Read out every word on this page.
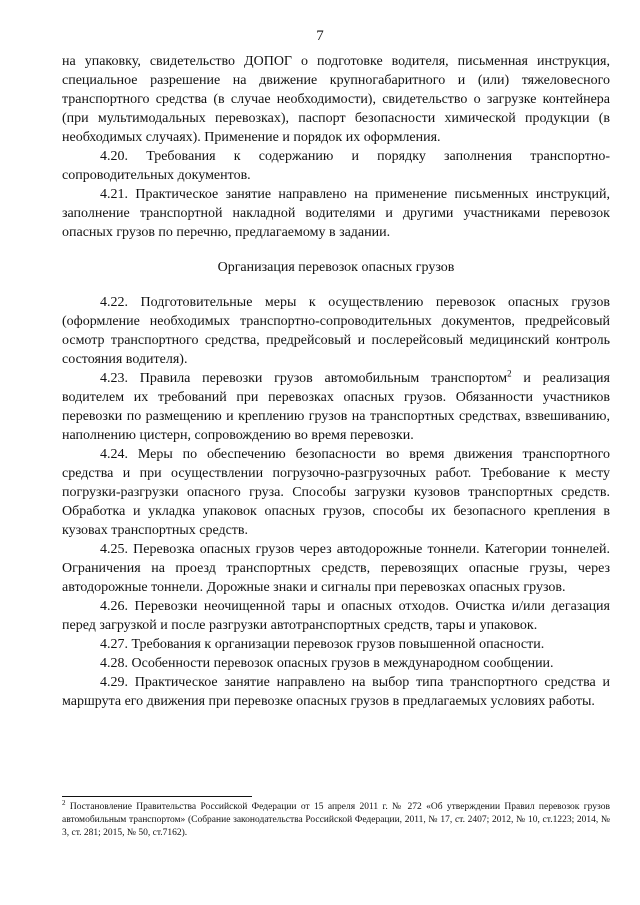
7

на упаковку, свидетельство ДОПОГ о подготовке водителя, письменная инструкция, специальное разрешение на движение крупногабаритного и (или) тяжеловесного транспортного средства (в случае необходимости), свидетельство о загрузке контейнера (при мультимодальных перевозках), паспорт безопасности химической продукции (в необходимых случаях). Применение и порядок их оформления.

4.20. Требования к содержанию и порядку заполнения транспортно-сопроводительных документов.

4.21. Практическое занятие направлено на применение письменных инструкций, заполнение транспортной накладной водителями и другими участниками перевозок опасных грузов по перечню, предлагаемому в задании.

Организация перевозок опасных грузов

4.22. Подготовительные меры к осуществлению перевозок опасных грузов (оформление необходимых транспортно-сопроводительных документов, предрейсовый осмотр транспортного средства, предрейсовый и послерейсовый медицинский контроль состояния водителя).

4.23. Правила перевозки грузов автомобильным транспортом$^2$ и реализация водителем их требований при перевозках опасных грузов. Обязанности участников перевозки по размещению и креплению грузов на транспортных средствах, взвешиванию, наполнению цистерн, сопровождению во время перевозки.

4.24. Меры по обеспечению безопасности во время движения транспортного средства и при осуществлении погрузочно-разгрузочных работ. Требование к месту погрузки-разгрузки опасного груза. Способы загрузки кузовов транспортных средств. Обработка и укладка упаковок опасных грузов, способы их безопасного крепления в кузовах транспортных средств.

4.25. Перевозка опасных грузов через автодорожные тоннели. Категории тоннелей. Ограничения на проезд транспортных средств, перевозящих опасные грузы, через автодорожные тоннели. Дорожные знаки и сигналы при перевозках опасных грузов.

4.26. Перевозки неочищенной тары и опасных отходов. Очистка и/или дегазация перед загрузкой и после разгрузки автотранспортных средств, тары и упаковок.

4.27. Требования к организации перевозок грузов повышенной опасности.

4.28. Особенности перевозок опасных грузов в международном сообщении.

4.29. Практическое занятие направлено на выбор типа транспортного средства и маршрута его движения при перевозке опасных грузов в предлагаемых условиях работы.

$^2$ Постановление Правительства Российской Федерации от 15 апреля 2011 г. № 272 «Об утверждении Правил перевозок грузов автомобильным транспортом» (Собрание законодательства Российской Федерации, 2011, № 17, ст. 2407; 2012, № 10, ст.1223; 2014, № 3, ст. 281; 2015, № 50, ст.7162).
